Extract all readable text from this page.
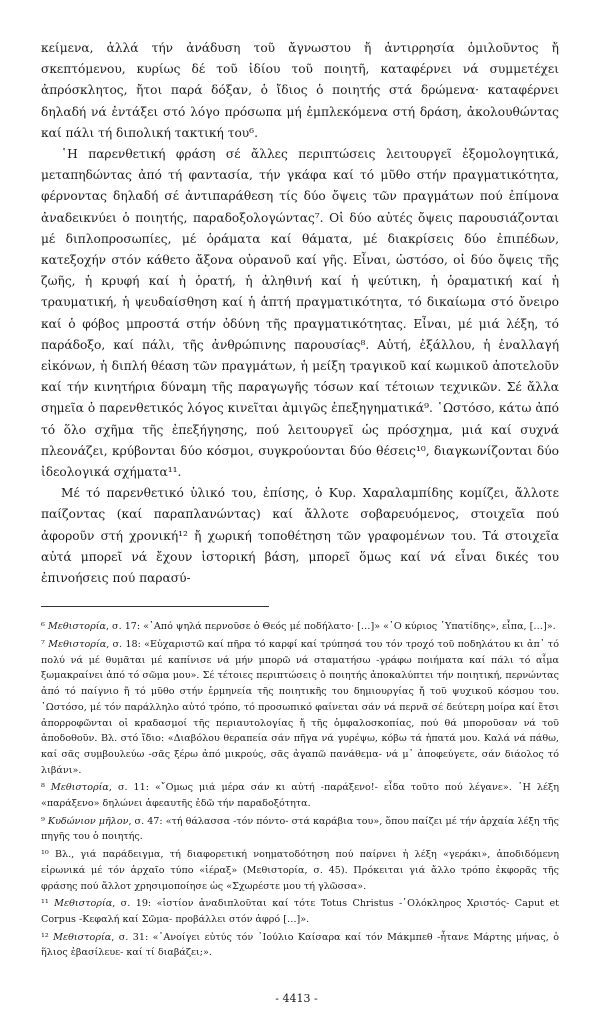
κείμενα, ἀλλά τήν ἀνάδυση τοῦ ἄγνωστου ἤ ἀντιρρησία ὁμιλοῦντος ἤ σκεπτόμενου, κυρίως δέ τοῦ ἰδίου τοῦ ποιητῆ, καταφέρνει νά συμμετέχει ἀπρόσκλητος, ἤτοι παρά δόξαν, ὁ ἴδιος ὁ ποιητής στά δρώμενα· καταφέρνει δηλαδή νά ἐντάξει στό λόγο πρόσωπα μή ἐμπλεκόμενα στή δράση, ἀκολουθώντας καί πάλι τή διπολική τακτική του⁶.

῾Η παρενθετική φράση σέ ἄλλες περιπτώσεις λειτουργεῖ ἐξομολογητικά, μεταπηδώντας ἀπό τή φαντασία, τήν γκάφα καί τό μῦθο στήν πραγματικότητα, φέρνοντας δηλαδή σέ ἀντιπαράθεση τίς δύο ὄψεις τῶν πραγμάτων πού ἐπίμονα ἀναδεικνύει ὁ ποιητής, παραδοξολογώντας⁷. Οἱ δύο αὐτές ὄψεις παρουσιάζονται μέ διπλοπροσωπίες, μέ ὁράματα καί θάματα, μέ διακρίσεις δύο ἐπιπέδων, κατεξοχήν στόν κάθετο ἄξονα οὐρανοῦ καί γῆς. Εἶναι, ὡστόσο, οἱ δύο ὄψεις τῆς ζωῆς, ἡ κρυφή καί ἡ ὁρατή, ἡ ἀληθινή καί ἡ ψεύτικη, ἡ ὁραματική καί ἡ τραυματική, ἡ ψευδαίσθηση καί ἡ ἁπτή πραγματικότητα, τό δικαίωμα στό ὄνειρο καί ὁ φόβος μπροστά στήν ὀδύνη τῆς πραγματικότητας. Εἶναι, μέ μιά λέξη, τό παράδοξο, καί πάλι, τῆς ἀνθρώπινης παρουσίας⁸. Αὐτή, ἐξάλλου, ἡ ἐναλλαγή εἰκόνων, ἡ διπλή θέαση τῶν πραγμάτων, ἡ μείξη τραγικοῦ καί κωμικοῦ ἀποτελοῦν καί τήν κινητήρια δύναμη τῆς παραγωγῆς τόσων καί τέτοιων τεχνικῶν. Σέ ἄλλα σημεῖα ὁ παρενθετικός λόγος κινεῖται ἀμιγῶς ἐπεξηγηματικά⁹. ῾Ωστόσο, κάτω ἀπό τό ὅλο σχῆμα τῆς ἐπεξήγησης, πού λειτουργεῖ ὡς πρόσχημα, μιά καί συχνά πλεονάζει, κρύβονται δύο κόσμοι, συγκρούονται δύο θέσεις¹⁰, διαγκωνίζονται δύο ἰδεολογικά σχήματα¹¹.

Μέ τό παρενθετικό ὑλικό του, ἐπίσης, ὁ Κυρ. Χαραλαμπίδης κομίζει, ἄλλοτε παίζοντας (καί παραπλανώντας) καί ἄλλοτε σοβαρευόμενος, στοιχεῖα πού ἀφοροῦν στή χρονική¹² ἤ χωρική τοποθέτηση τῶν γραφομένων του. Τά στοιχεῖα αὐτά μπορεῖ νά ἔχουν ἱστορική βάση, μπορεῖ ὅμως καί νά εἶναι δικές του ἐπινοήσεις πού παρασύ-

⁶ Μεθιστορία, σ. 17: «῾Από ψηλά περνοῦσε ὁ Θεός μέ ποδήλατο· […]» «῾Ο κύριος ῾Υπατίδης», εἶπα, […]».

⁷ Μεθιστορία, σ. 18: «Εὐχαριστῶ καί πῆρα τό καρφί καί τρύπησά του τόν τροχό τοῦ ποδηλάτου κι ἀπ᾿ τό πολύ νά μέ θυμᾶται μέ καπίνισε νά μήν μπορῶ νά σταματήσω -γράφω ποιήματα καί πάλι τό αἷμα ξωμακραίνει ἀπό τό σῶμα μου». Σέ τέτοιες περιπτώσεις ὁ ποιητής ἀποκαλύπτει τήν ποιητική, περνώντας ἀπό τό παίγνιο ἤ τό μῦθο στήν ἑρμηνεία τῆς ποιητικῆς του δημιουργίας ἤ τοῦ ψυχικοῦ κόσμου του. ῾Ωστόσο, μέ τόν παράλληλο αὐτό τρόπο, τό προσωπικό φαίνεται σάν νά περνᾶ σέ δεύτερη μοίρα καί ἔτσι ἀπορροφῶνται οἱ κραδασμοί τῆς περιαυτολογίας ἤ τῆς ὀμφαλοσκοπίας, πού θά μποροῦσαν νά τοῦ ἀποδοθοῦν. Βλ. στό ἴδιο: «Διαβόλου θεραπεία σάν πῆγα νά γυρέψω, κόβω τά ἠπατά μου. Καλά νά πάθω, καί σᾶς συμβουλεύω -σᾶς ξέρω ἀπό μικρούς, σᾶς ἀγαπῶ πανάθεμα- νά μ᾿ ἀποφεύγετε, σάν διάολος τό λιβάνι».

⁸ Μεθιστορία, σ. 11: «῎Ομως μιά μέρα σάν κι αὐτή -παράξενο!- εἶδα τοῦτο πού λέγανε». ῾Η λέξη «παράξενο» δηλώνει ἀφεαυτῆς ἐδῶ τήν παραδοξότητα.

⁹ Κυδώνιον μῆλον, σ. 47: «τή θάλασσα -τόν πόντο- στά καράβια του», ὅπου παίζει μέ τήν ἀρχαία λέξη τῆς πηγῆς του ὁ ποιητής.

¹⁰ Βλ., γιά παράδειγμα, τή διαφορετική νοηματοδότηση πού παίρνει ἡ λέξη «γεράκι», ἀποδιδόμενη εἰρωνικά μέ τόν ἀρχαῖο τύπο «ἱέραξ» (Μεθιστορία, σ. 45). Πρόκειται γιά ἄλλο τρόπο ἐκφορᾶς τῆς φράσης πού ἄλλοτ χρησιμοποίησε ὡς «Σχωρέστε μου τή γλῶσσα».

¹¹ Μεθιστορία, σ. 19: «ἱστίον ἀναδιπλοῦται καί τότε Totus Christus -῾Ολόκληρος Χριστός- Caput et Corpus -Κεφαλή καί Σῶμα- προβάλλει στόν ἀφρό […]».

¹² Μεθιστορία, σ. 31: «᾿Ανοίγει εὐτύς τόν ᾿Ιούλιο Καίσαρα καί τόν Μάκμπεθ -ἦτανε Μάρτης μήνας, ὁ ἥλιος ἐβασίλευε- καί τί διαβάζει;».

- 4413 -
